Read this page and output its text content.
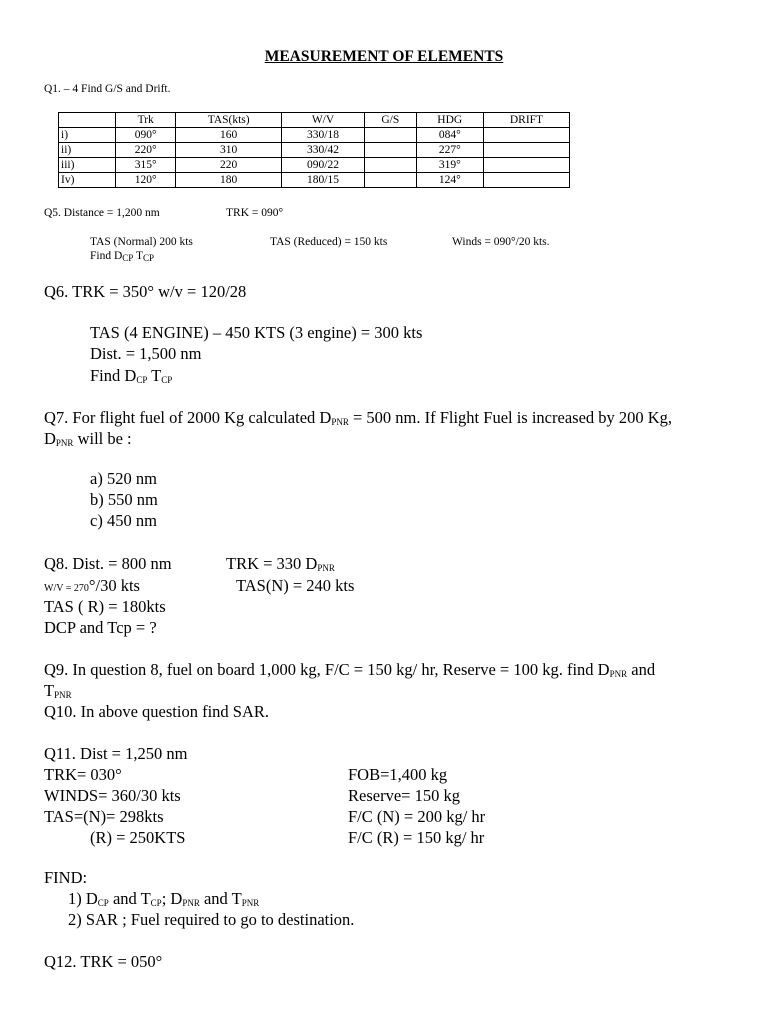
MEASUREMENT OF ELEMENTS
Q1. – 4 Find G/S and Drift.
	Trk	TAS(kts)	W/V	G/S	HDG	DRIFT
i)	090°	160	330/18		084°	
ii)	220°	310	330/42		227°	
iii)	315°	220	090/22		319°	
Iv)	120°	180	180/15		124°	
Q5. Distance = 1,200 nm	TRK = 090°
TAS (Normal) 200 kts	TAS (Reduced) = 150 kts	Winds = 090°/20 kts.
Find $D_{CP}$ $T_{CP}$
Q6. TRK = 350° w/v = 120/28
TAS (4 ENGINE) – 450 KTS (3 engine) = 300 kts
Dist. = 1,500 nm
Find $D_{CP}$ $T_{CP}$
Q7. For flight fuel of 2000 Kg calculated $D_{PNR} = 500$ nm. If Flight Fuel is increased by 200 Kg,
$D_{PNR}$ will be :
a) 520 nm
b) 550 nm
c) 450 nm
Q8. Dist. = 800 nm	TRK = 330 $D_{PNR}$
W/V = 270°/30 kts	TAS(N) = 240 kts
TAS ( R) = 180kts
DCP and Tcp = ?
Q9. In question 8, fuel on board 1,000 kg, F/C = 150 kg/ hr, Reserve = 100 kg. find $D_{PNR}$ and
$T_{PNR}$
Q10. In above question find SAR.
Q11. Dist = 1,250 nm
TRK= 030°	FOB=1,400 kg
WINDS= 360/30 kts	Reserve= 150 kg
TAS=(N)= 298kts	F/C (N) = 200 kg/ hr
(R) = 250KTS	F/C (R) = 150 kg/ hr
FIND:
1) $D_{CP}$ and $T_{CP}$; $D_{PNR}$ and $T_{PNR}$
2) SAR ; Fuel required to go to destination.
Q12. TRK = 050°
